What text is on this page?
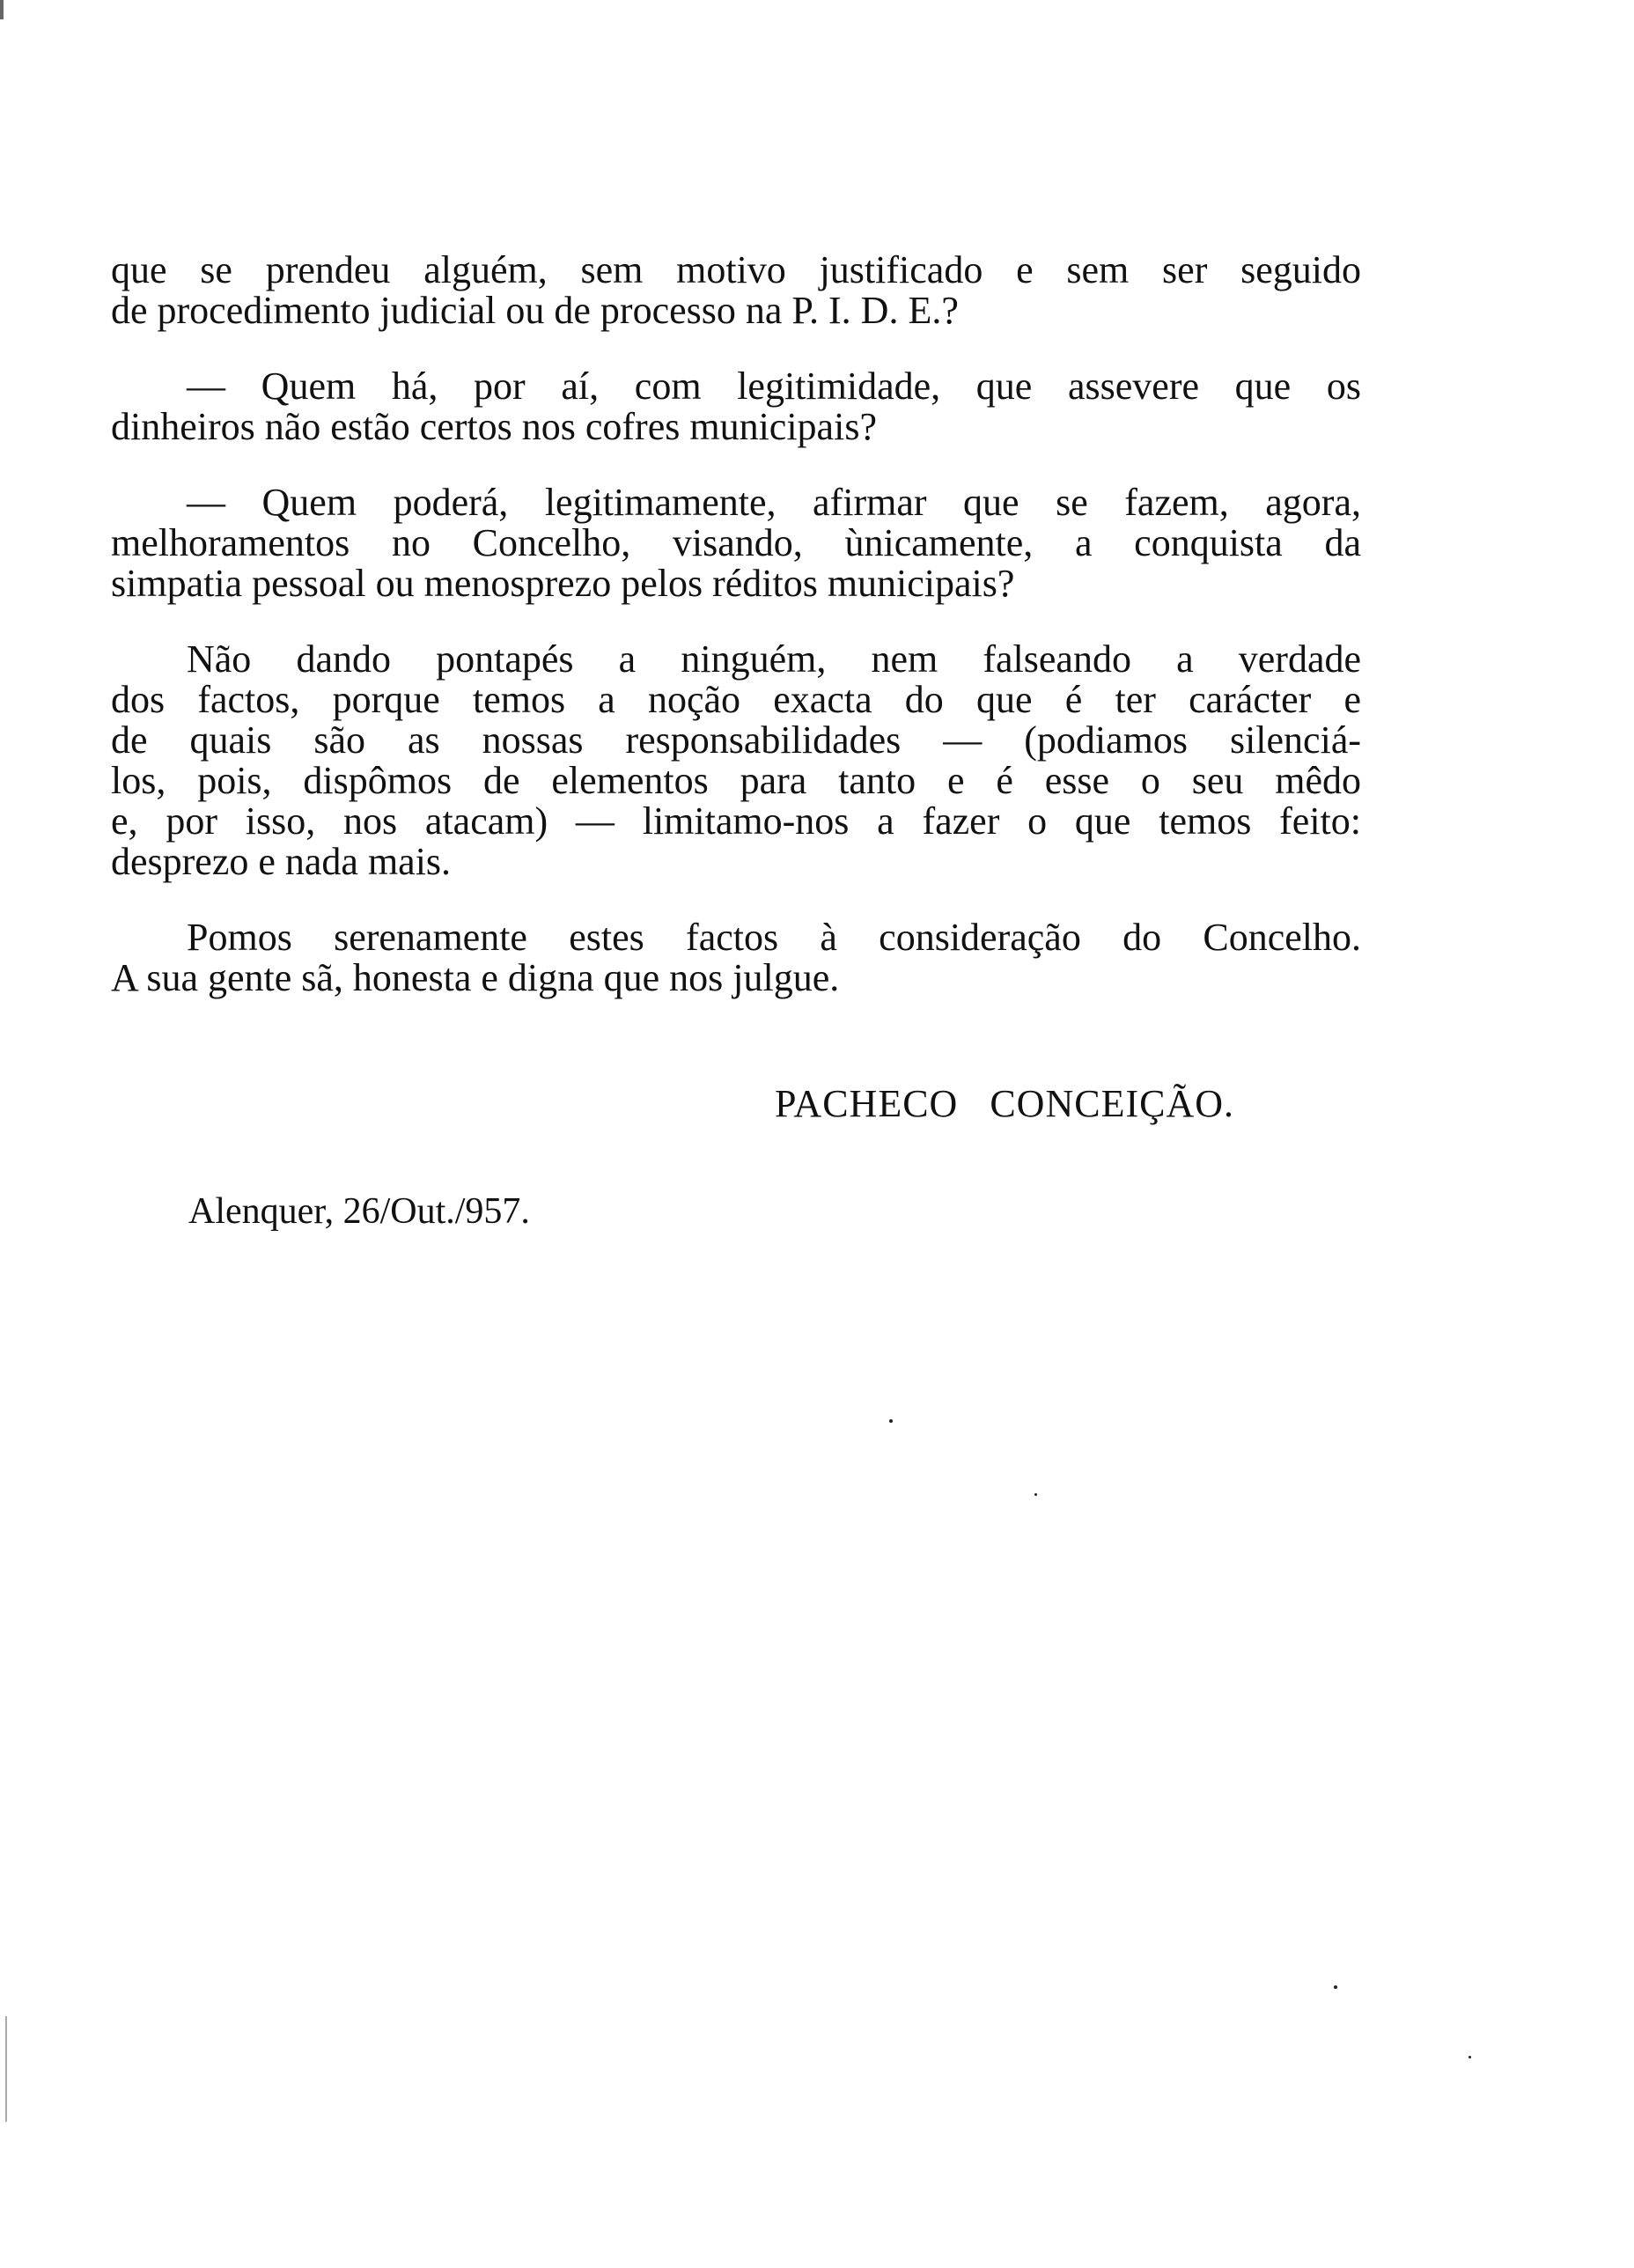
que se prendeu alguém, sem motivo justificado e sem ser seguido
de procedimento judicial ou de processo na P. I. D. E.?

— Quem há, por aí, com legitimidade, que assevere que os
dinheiros não estão certos nos cofres municipais?

— Quem poderá, legitimamente, afirmar que se fazem, agora,
melhoramentos no Concelho, visando, ùnicamente, a conquista da
simpatia pessoal ou menosprezo pelos réditos municipais?

Não dando pontapés a ninguém, nem falseando a verdade
dos factos, porque temos a noção exacta do que é ter carácter e
de quais são as nossas responsabilidades — (podiamos silenciá-
los, pois, dispômos de elementos para tanto e é esse o seu mêdo
e, por isso, nos atacam) — limitamo-nos a fazer o que temos feito:
desprezo e nada mais.

Pomos serenamente estes factos à consideração do Concelho.
A sua gente sã, honesta e digna que nos julgue.

PACHECO CONCEIÇÃO.
Alenquer, 26/Out./957.
